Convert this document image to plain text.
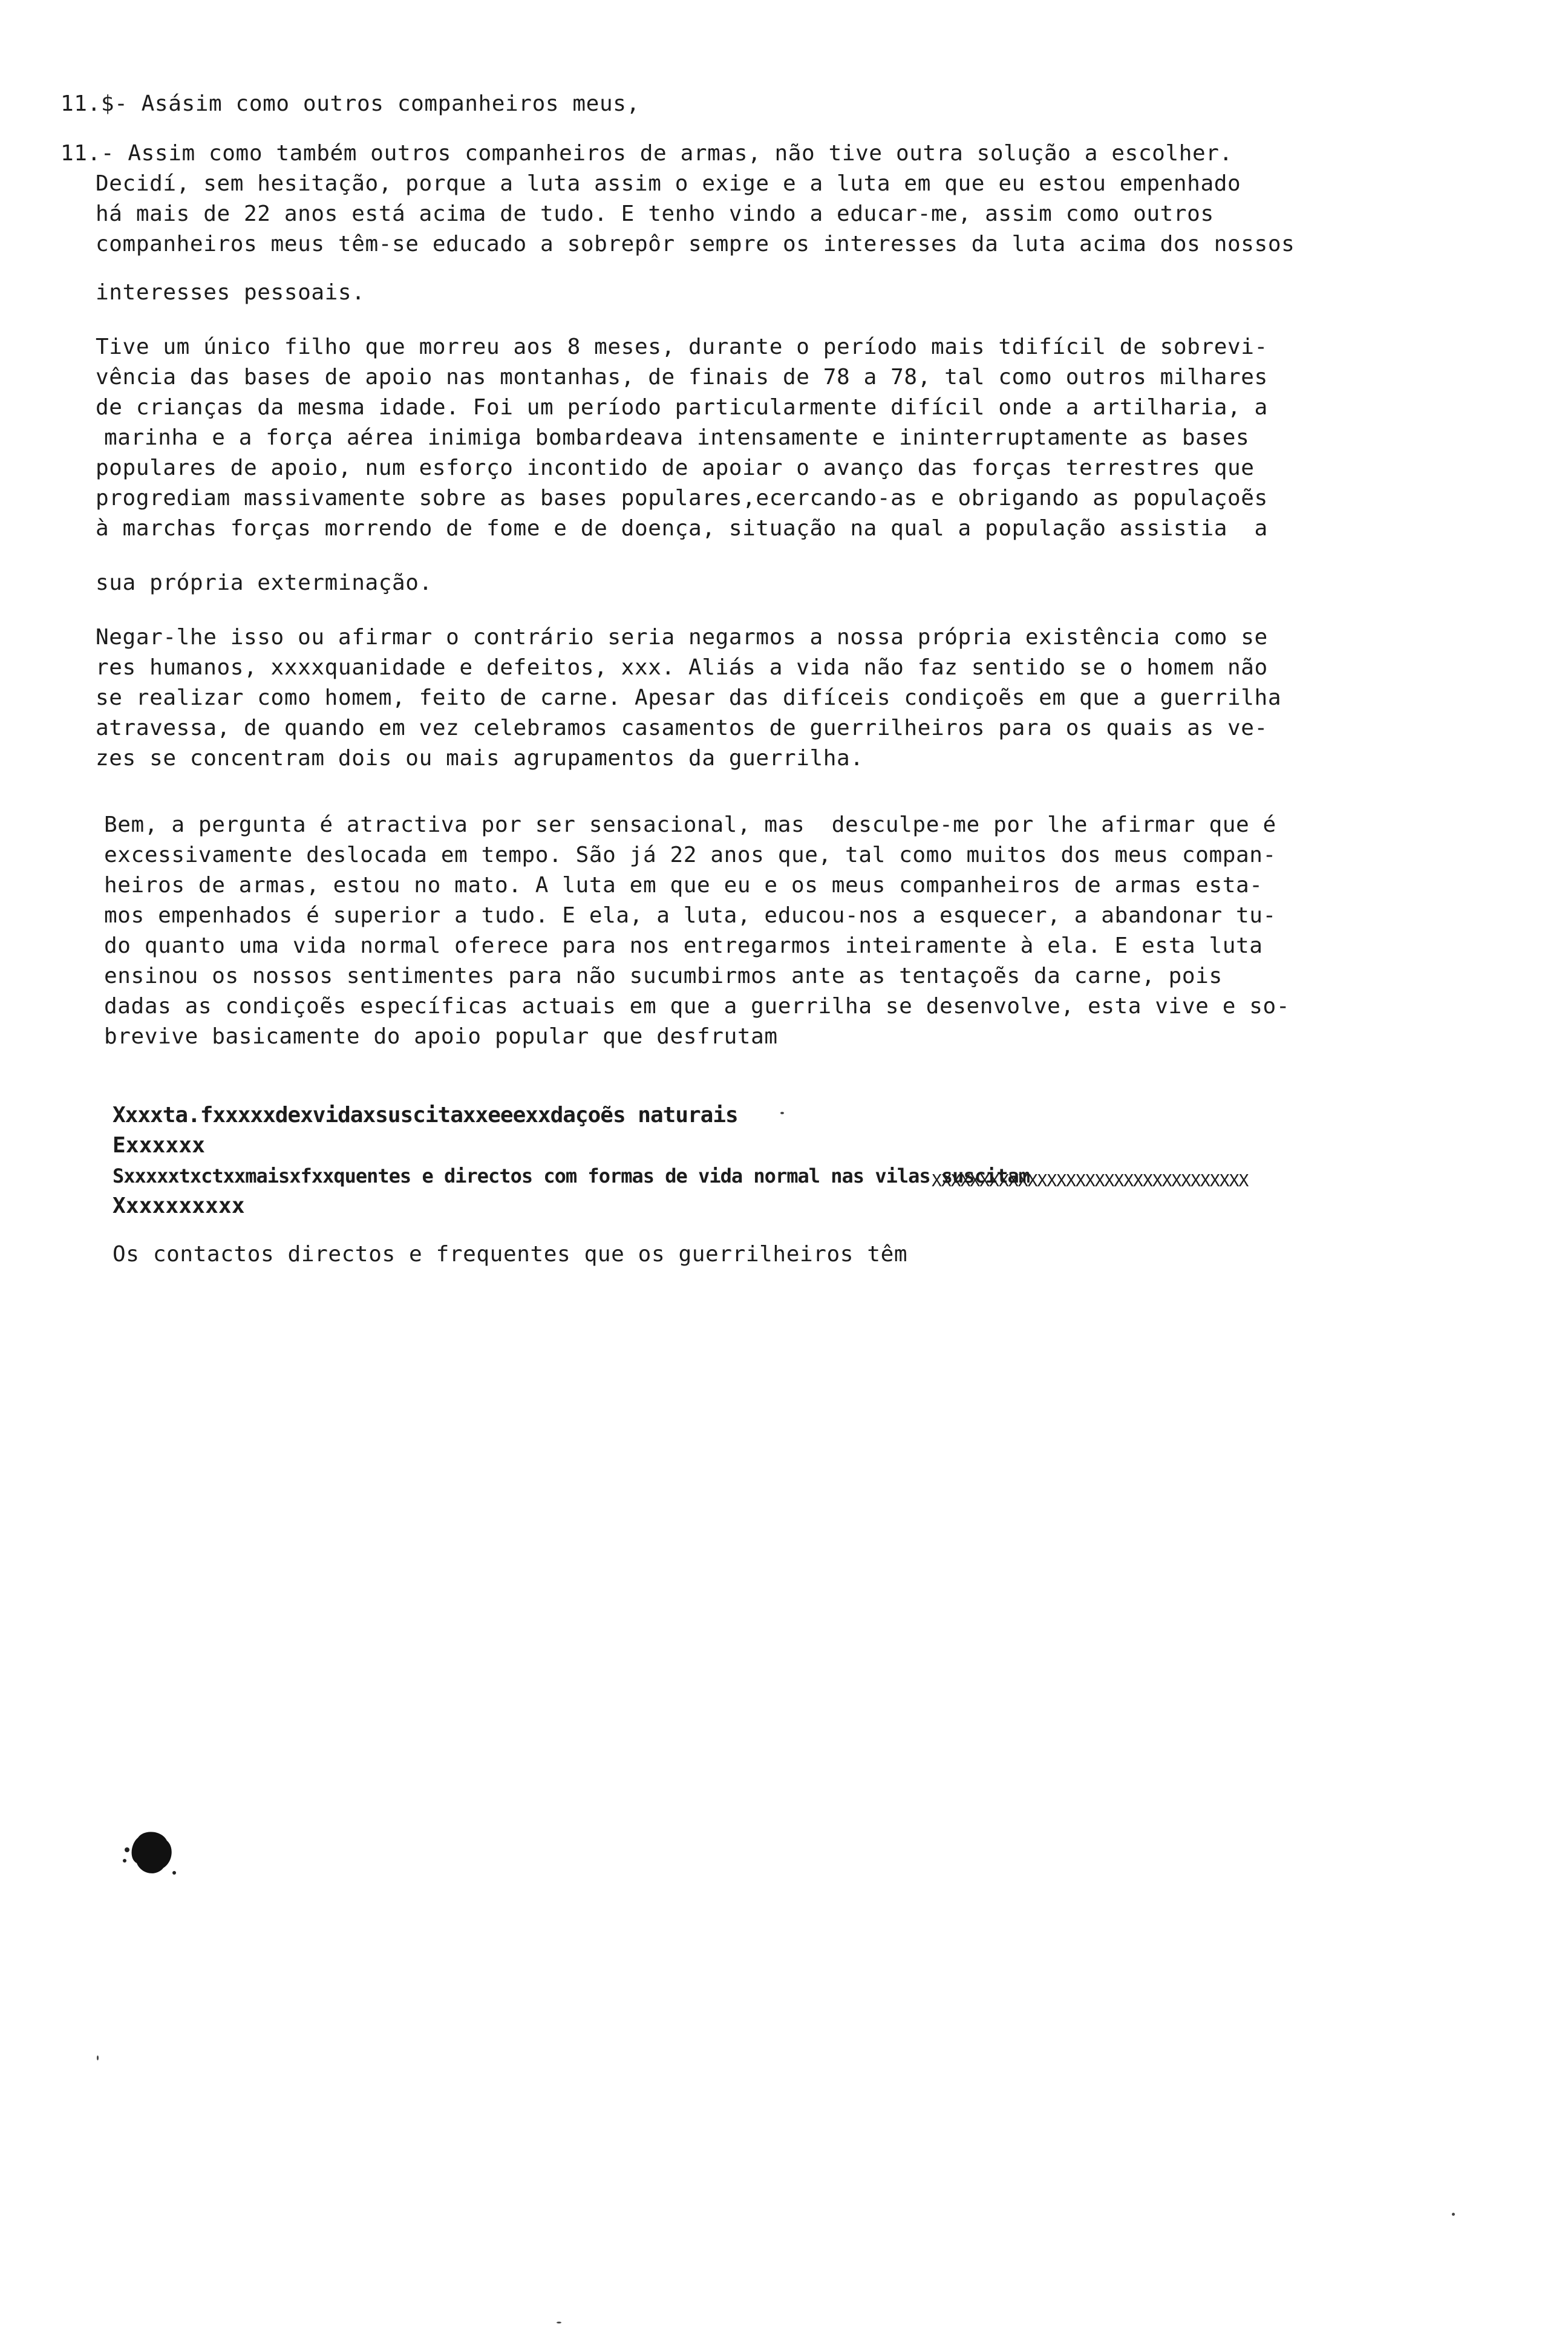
11.$- Asásim como outros companheiros meus,
11.- Assim como também outros companheiros de armas, não tive outra solução a escolher.
Decidí, sem hesitação, porque a luta assim o exige e a luta em que eu estou empenhado
há mais de 22 anos está acima de tudo. E tenho vindo a educar-me, assim como outros
companheiros meus têm-se educado a sobrepôr sempre os interesses da luta acima dos nossos
interesses pessoais.
Tive um único filho que morreu aos 8 meses, durante o período mais tdifícil de sobrevi-
vência das bases de apoio nas montanhas, de finais de 78 a 78, tal como outros milhares
de crianças da mesma idade. Foi um período particularmente difícil onde a artilharia, a
marinha e a força aérea inimiga bombardeava intensamente e ininterruptamente as bases
populares de apoio, num esforço incontido de apoiar o avanço das forças terrestres que
progrediam massivamente sobre as bases populares,ecercando-as e obrigando as populaçoẽs
à marchas forças morrendo de fome e de doença, situação na qual a população assistia  a
sua própria exterminação.
Negar-lhe isso ou afirmar o contrário seria negarmos a nossa própria existência como se
res humanos, xxxxquanidade e defeitos, xxx. Aliás a vida não faz sentido se o homem não
se realizar como homem, feito de carne. Apesar das difíceis condiçoẽs em que a guerrilha
atravessa, de quando em vez celebramos casamentos de guerrilheiros para os quais as ve-
zes se concentram dois ou mais agrupamentos da guerrilha.
Bem, a pergunta é atractiva por ser sensacional, mas  desculpe-me por lhe afirmar que é
excessivamente deslocada em tempo. São já 22 anos que, tal como muitos dos meus compan-
heiros de armas, estou no mato. A luta em que eu e os meus companheiros de armas esta-
mos empenhados é superior a tudo. E ela, a luta, educou-nos a esquecer, a abandonar tu-
do quanto uma vida normal oferece para nos entregarmos inteiramente à ela. E esta luta
ensinou os nossos sentimentes para não sucumbirmos ante as tentaçoẽs da carne, pois
dadas as condiçoẽs específicas actuais em que a guerrilha se desenvolve, esta vive e so-
brevive basicamente do apoio popular que desfrutam
Xxxxta.fxxxxxdexvidaxsuscitaxxeeexxdaçoẽs naturais
Exxxxxx
Sxxxxxtxctxxmaisxfxxquentes e directos com formas de vida normal nas vilas suscitam
XXXXXXXXXXXXXXXXXXXXXXXXXXXXXXXXX
Xxxxxxxxxx
Os contactos directos e frequentes que os guerrilheiros têm
